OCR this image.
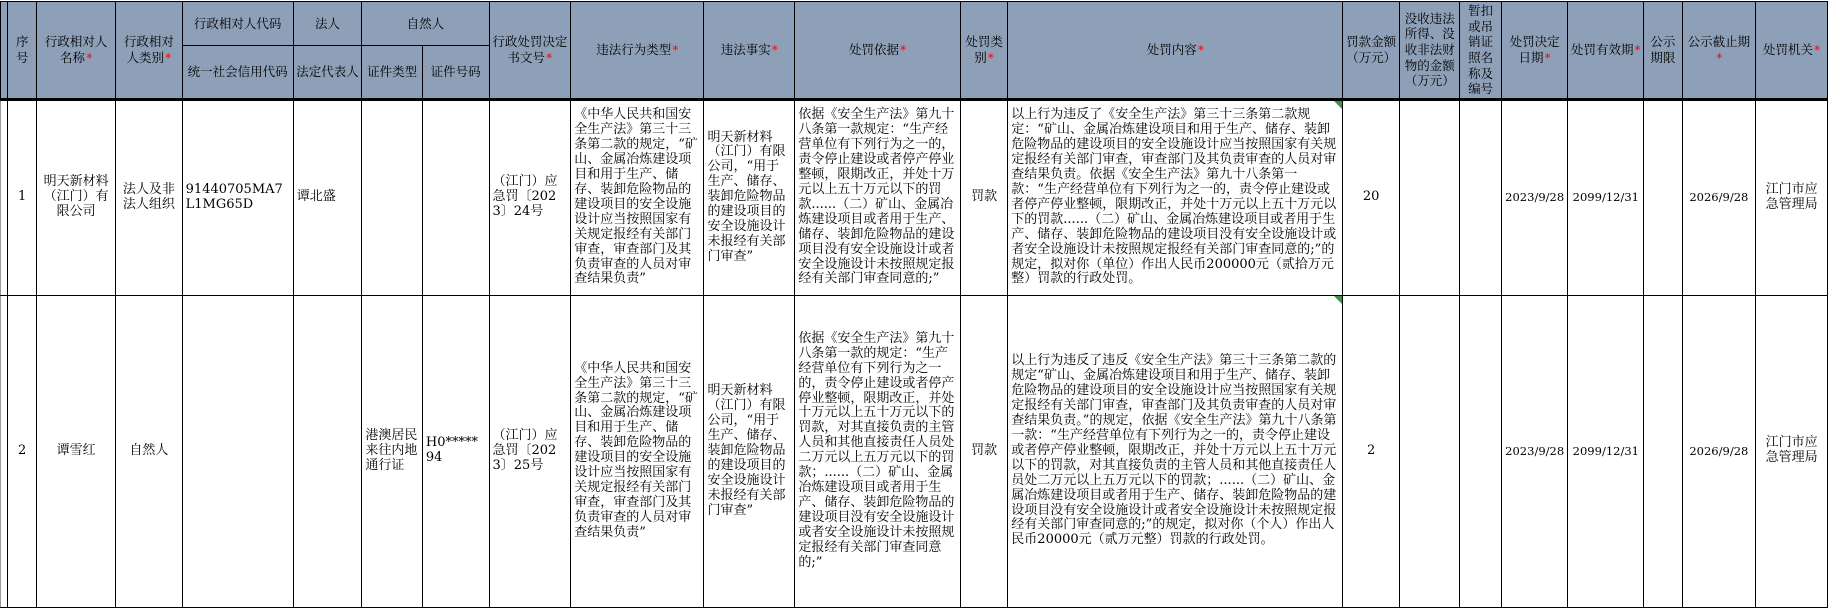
	序号	行政相对人名称*	行政相对人类别*	行政相对人代码	法人	自然人		行政处罚决定书文号*	违法行为类型*	违法事实*	处罚依据*	处罚类别*	处罚内容*	罚款金额（万元）	没收违法所得、没收非法财物的金额（万元）	暂扣或吊销证照名称及编号	处罚决定日期*	处罚有效期*	公示期限	公示截止期*	处罚机关*
				统一社会信用代码	法定代表人	证件类型	证件号码														
	1	明天新材料（江门）有限公司	法人及非法人组织	91440705MA7L1MG65D	谭北盛			（江门）应急罚〔2023〕24号	《中华人民共和国安全生产法》第三十三条第二款的规定，“矿山、金属冶炼建设项目和用于生产、储存、装卸危险物品的建设项目的安全设施设计应当按照国家有关规定报经有关部门审查，审查部门及其负责审查的人员对审查结果负责”	明天新材料（江门）有限公司，“用于生产、储存、装卸危险物品的建设项目的安全设施设计未报经有关部门审查”	依据《安全生产法》第九十八条第一款规定：“生产经营单位有下列行为之一的，责令停止建设或者停产停业整顿，限期改正，并处十万元以上五十万元以下的罚款......（二）矿山、金属冶炼建设项目或者用于生产、储存、装卸危险物品的建设项目没有安全设施设计或者安全设施设计未按照规定报经有关部门审查同意的;”	罚款	以上行为违反了《安全生产法》第三十三条第二款规定：“矿山、金属冶炼建设项目和用于生产、储存、装卸危险物品的建设项目的安全设施设计应当按照国家有关规定报经有关部门审查，审查部门及其负责审查的人员对审查结果负责。依据《安全生产法》第九十八条第一款：“生产经营单位有下列行为之一的，责令停止建设或者停产停业整顿，限期改正，并处十万元以上五十万元以下的罚款......（二）矿山、金属冶炼建设项目或者用于生产、储存、装卸危险物品的建设项目没有安全设施设计或者安全设施设计未按照规定报经有关部门审查同意的;”的规定，拟对你（单位）作出人民币200000元（贰拾万元整）罚款的行政处罚。	20			2023/9/28	2099/12/31		2026/9/28	江门市应急管理局
	2	谭雪红	自然人			港澳居民来往内地通行证	H0*****94	（江门）应急罚〔2023〕25号	《中华人民共和国安全生产法》第三十三条第二款的规定，“矿山、金属冶炼建设项目和用于生产、储存、装卸危险物品的建设项目的安全设施设计应当按照国家有关规定报经有关部门审查，审查部门及其负责审查的人员对审查结果负责”	明天新材料（江门）有限公司，“用于生产、储存、装卸危险物品的建设项目的安全设施设计未报经有关部门审查”	依据《安全生产法》第九十八条第一款的规定：“生产经营单位有下列行为之一的，责令停止建设或者停产停业整顿，限期改正，并处十万元以上五十万元以下的罚款，对其直接负责的主管人员和其他直接责任人员处二万元以上五万元以下的罚款；......（二）矿山、金属冶炼建设项目或者用于生产、储存、装卸危险物品的建设项目没有安全设施设计或者安全设施设计未按照规定报经有关部门审查同意的;”	罚款	以上行为违反了违反《安全生产法》第三十三条第二款的规定“矿山、金属冶炼建设项目和用于生产、储存、装卸危险物品的建设项目的安全设施设计应当按照国家有关规定报经有关部门审查，审查部门及其负责审查的人员对审查结果负责。”的规定，依据《安全生产法》第九十八条第一款：“生产经营单位有下列行为之一的，责令停止建设或者停产停业整顿，限期改正，并处十万元以上五十万元以下的罚款，对其直接负责的主管人员和其他直接责任人员处二万元以上五万元以下的罚款；......（二）矿山、金属冶炼建设项目或者用于生产、储存、装卸危险物品的建设项目没有安全设施设计或者安全设施设计未按照规定报经有关部门审查同意的;”的规定，拟对你（个人）作出人民币20000元（贰万元整）罚款的行政处罚。	2			2023/9/28	2099/12/31		2026/9/28	江门市应急管理局
